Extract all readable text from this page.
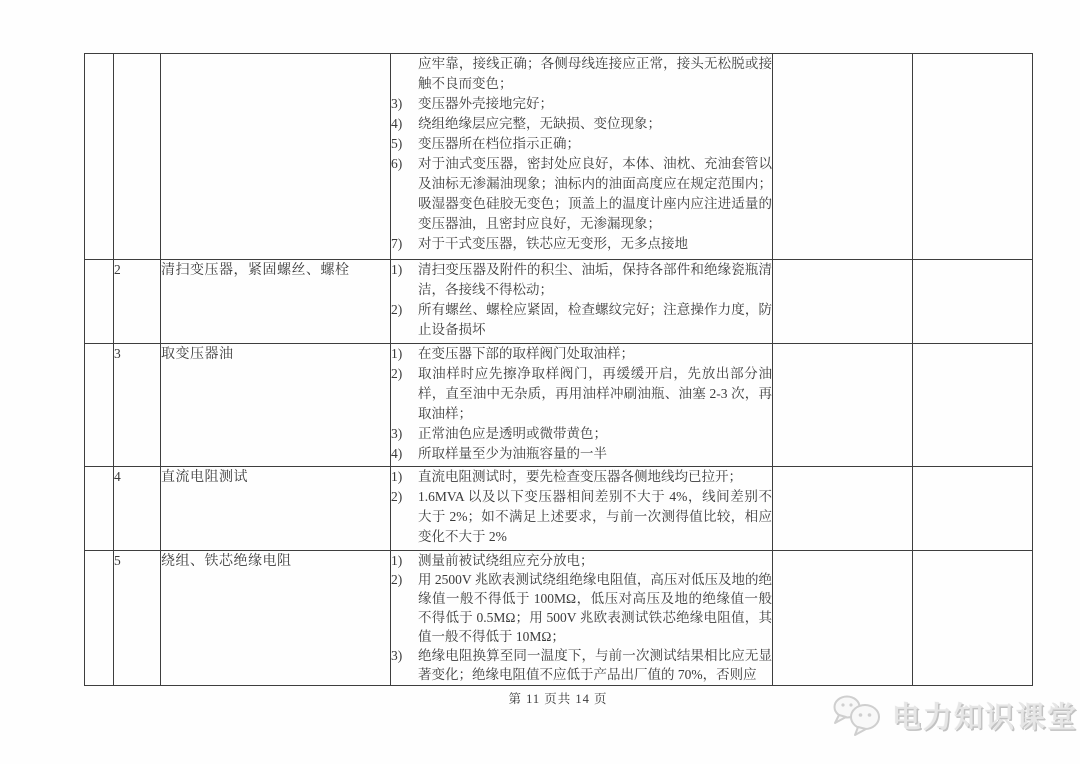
应牢靠，接线正确；各侧母线连接应正常，接头无松脱或接触不良而变色；
3)	变压器外壳接地完好；
4)	绕组绝缘层应完整，无缺损、变位现象；
5)	变压器所在档位指示正确；
6)	对于油式变压器，密封处应良好，本体、油枕、充油套管以及油标无渗漏油现象；油标内的油面高度应在规定范围内；吸湿器变色硅胶无变色；顶盖上的温度计座内应注进适量的变压器油，且密封应良好，无渗漏现象；
7)	对于干式变压器，铁芯应无变形，无多点接地

	2	清扫变压器，紧固螺丝、螺栓	1) 清扫变压器及附件的积尘、油垢，保持各部件和绝缘瓷瓶清洁，各接线不得松动；
2) 所有螺丝、螺栓应紧固，检查螺纹完好；注意操作力度，防止设备损坏		

	3	取变压器油	1)	在变压器下部的取样阀门处取油样；
2)	取油样时应先擦净取样阀门，再缓缓开启，先放出部分油样，直至油中无杂质，再用油样冲刷油瓶、油塞 2-3 次，再取油样；
3)	正常油色应是透明或微带黄色；
4)	所取样量至少为油瓶容量的一半

	4	直流电阻测试	1) 直流电阻测试时，要先检查变压器各侧地线均已拉开；
2) 1.6MVA 以及以下变压器相间差别不大于 4%，线间差别不大于 2%；如不满足上述要求，与前一次测得值比较，相应变化不大于 2%		

	5	绕组、铁芯绝缘电阻	1)	测量前被试绕组应充分放电；
2)	用 2500V 兆欧表测试绕组绝缘电阻值，高压对低压及地的绝缘值一般不得低于 100MΩ，低压对高压及地的绝缘值一般不得低于 0.5MΩ；用 500V 兆欧表测试铁芯绝缘电阻值，其值一般不得低于 10MΩ；
3)	绝缘电阻换算至同一温度下，与前一次测试结果相比应无显著变化；绝缘电阻值不应低于产品出厂值的 70%，否则应

第 11 页共 14 页
电力知识课堂
